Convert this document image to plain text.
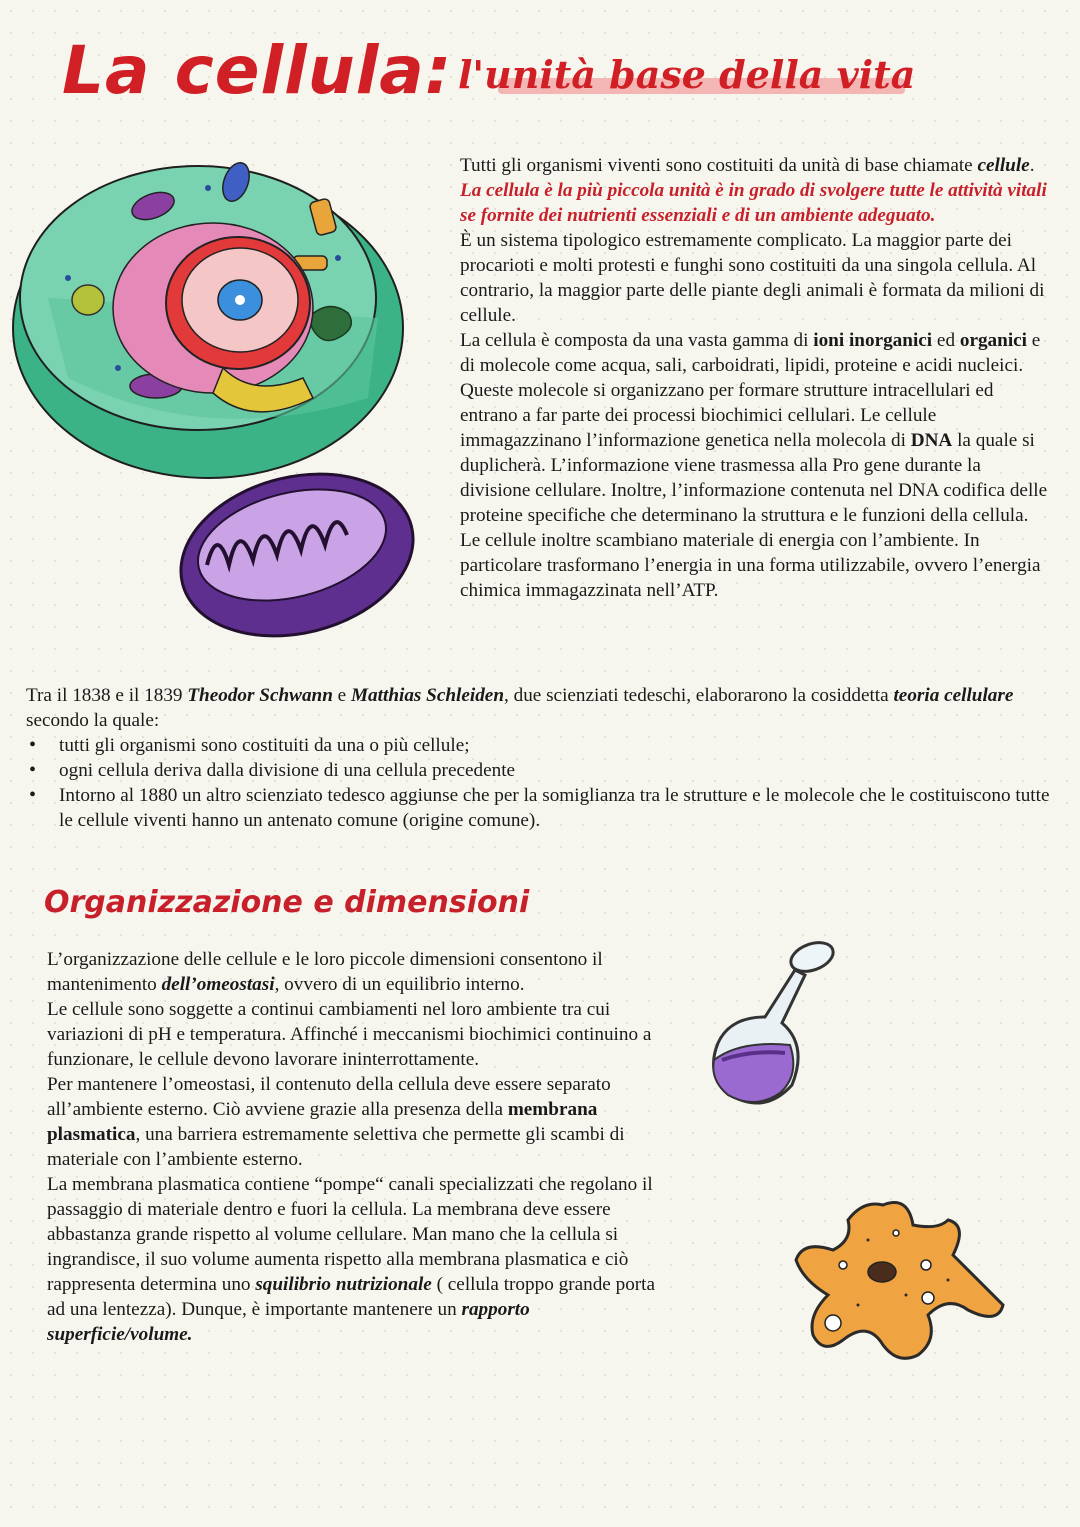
La cellula: l'unità base della vita

Tutti gli organismi viventi sono costituiti da unità di base chiamate cellule. La cellula è la più piccola unità è in grado di svolgere tutte le attività vitali se fornite dei nutrienti essenziali e di un ambiente adeguato.

È un sistema tipologico estremamente complicato. La maggior parte dei procarioti e molti protesti e funghi sono costituiti da una singola cellula. Al contrario, la maggior parte delle piante degli animali è formata da milioni di cellule.

La cellula è composta da una vasta gamma di ioni inorganici ed organici e di molecole come acqua, sali, carboidrati, lipidi, proteine e acidi nucleici. Queste molecole si organizzano per formare strutture intracellulari ed entrano a far parte dei processi biochimici cellulari. Le cellule immagazzinano l’informazione genetica nella molecola di DNA la quale si duplicherà. L’informazione viene trasmessa alla Pro gene durante la divisione cellulare. Inoltre, l’informazione contenuta nel DNA codifica delle proteine specifiche che determinano la struttura e le funzioni della cellula.

Le cellule inoltre scambiano materiale di energia con l’ambiente. In particolare trasformano l’energia in una forma utilizzabile, ovvero l’energia chimica immagazzinata nell’ATP.

Tra il 1838 e il 1839 Theodor Schwann e Matthias Schleiden, due scienziati tedeschi, elaborarono la cosiddetta teoria cellulare secondo la quale:

• tutti gli organismi sono costituiti da una o più cellule;
• ogni cellula deriva dalla divisione di una cellula precedente
• Intorno al 1880 un altro scienziato tedesco aggiunse che per la somiglianza tra le strutture e le molecole che le costituiscono tutte le cellule viventi hanno un antenato comune (origine comune).
Organizzazione e dimensioni

L’organizzazione delle cellule e le loro piccole dimensioni consentono il mantenimento dell’omeostasi, ovvero di un equilibrio interno.

Le cellule sono soggette a continui cambiamenti nel loro ambiente tra cui variazioni di pH e temperatura. Affinché i meccanismi biochimici continuino a funzionare, le cellule devono lavorare ininterrottamente.

Per mantenere l’omeostasi, il contenuto della cellula deve essere separato all’ambiente esterno. Ciò avviene grazie alla presenza della membrana plasmatica, una barriera estremamente selettiva che permette gli scambi di materiale con l’ambiente esterno.

La membrana plasmatica contiene “pompe“ canali specializzati che regolano il passaggio di materiale dentro e fuori la cellula. La membrana deve essere abbastanza grande rispetto al volume cellulare. Man mano che la cellula si ingrandisce, il suo volume aumenta rispetto alla membrana plasmatica e ciò rappresenta determina uno squilibrio nutrizionale ( cellula troppo grande porta ad una lentezza). Dunque, è importante mantenere un rapporto superficie/volume.
